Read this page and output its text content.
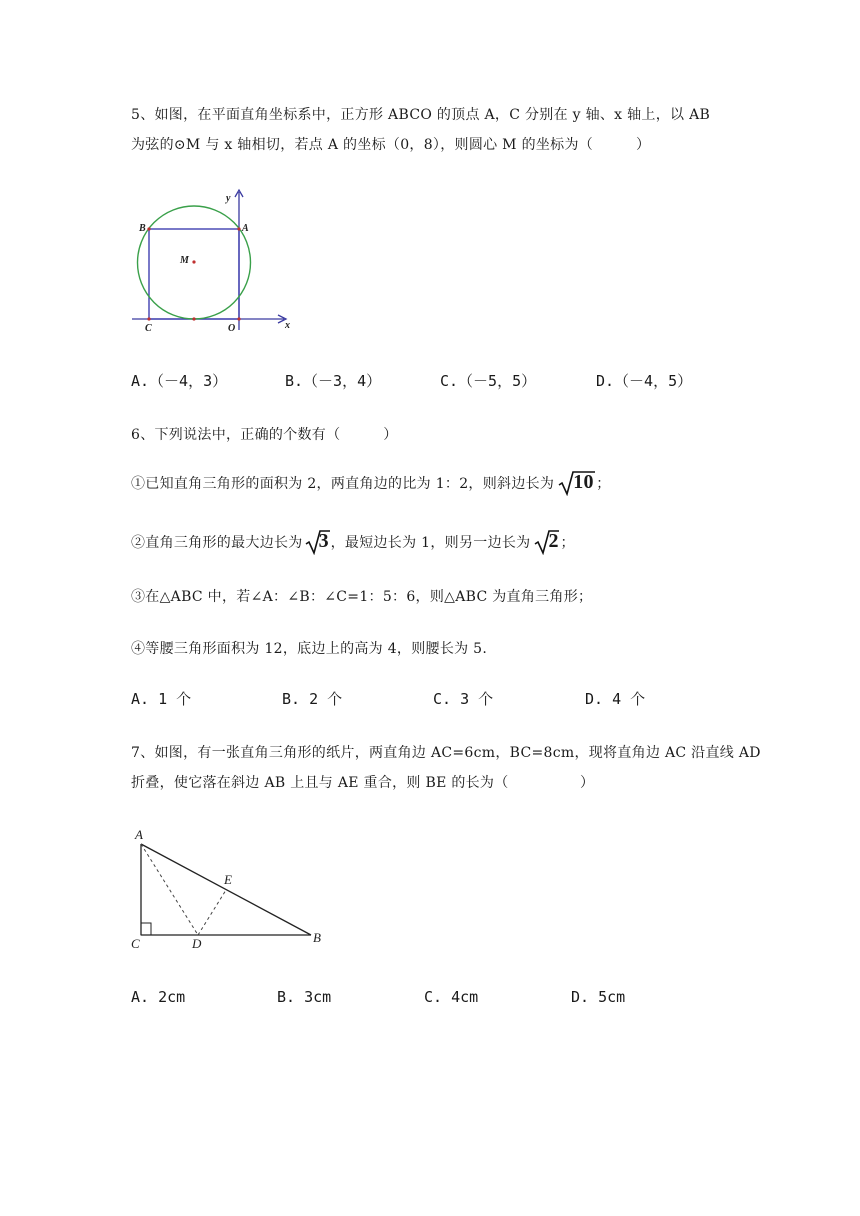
5、如图，在平面直角坐标系中，正方形 ABCO 的顶点 A，C 分别在 y 轴、x 轴上，以 AB
为弦的⊙M 与 x 轴相切，若点 A 的坐标（0，8），则圆心 M 的坐标为（　　　）
y
x
B	A
M
C	O
A.（－4，3）	B.（－3，4）	C.（－5，5）	D.（－4，5）
6、下列说法中，正确的个数有（　　　）
①已知直角三角形的面积为 2，两直角边的比为 1：2，则斜边长为 10 ；
②直角三角形的最大边长为 3 ，最短边长为 1，则另一边长为 2 ；
③在△ABC 中，若∠A：∠B：∠C=1：5：6，则△ABC 为直角三角形；
④等腰三角形面积为 12，底边上的高为 4，则腰长为 5.
A. 1 个	B. 2 个	C. 3 个	D. 4 个
7、如图，有一张直角三角形的纸片，两直角边 AC=6cm，BC=8cm，现将直角边 AC 沿直线 AD
折叠，使它落在斜边 AB 上且与 AE 重合，则 BE 的长为（　　　　　）
A
E
C	D	B
A. 2cm	B. 3cm	C. 4cm	D. 5cm
